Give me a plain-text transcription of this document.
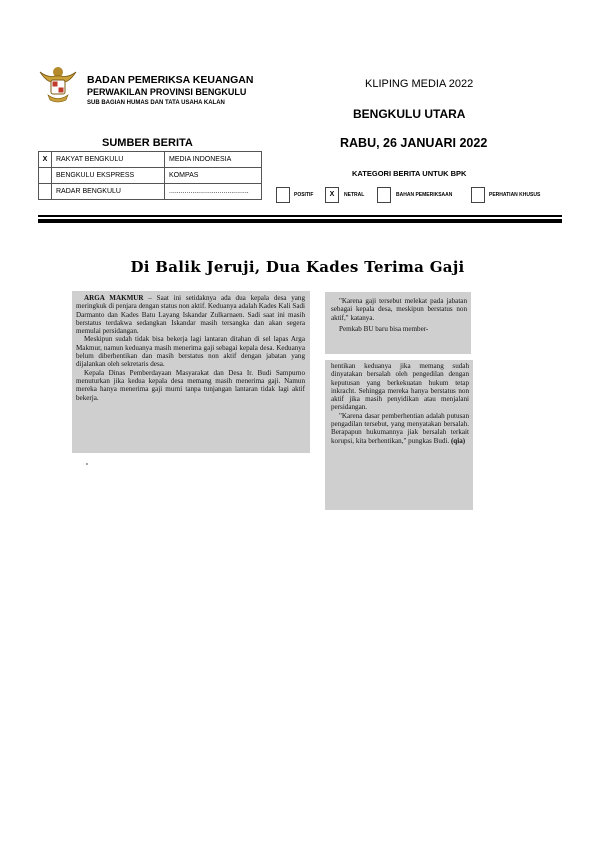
BADAN PEMERIKSA KEUANGAN
PERWAKILAN PROVINSI BENGKULU
SUB BAGIAN HUMAS DAN TATA USAHA KALAN
KLIPING MEDIA 2022
BENGKULU UTARA
RABU, 26 JANUARI 2022
SUMBER BERITA
X	RAKYAT BENGKULU	MEDIA INDONESIA
	BENGKULU EKSPRESS	KOMPAS
	RADAR BENGKULU	.........................................
KATEGORI BERITA UNTUK BPK
POSITIF	X	NETRAL	BAHAN PEMERIKSAAN	PERHATIAN KHUSUS
Di Balik Jeruji, Dua Kades Terima Gaji

ARGA MAKMUR – Saat ini setidaknya ada dua kepala desa yang meringkuk di penjara dengan status non aktif. Keduanya adalah Kades Kali Sadi Darmanto dan Kades Batu Layang Iskandar Zulkarnaen. Sadi saat ini masih berstatus terdakwa sedangkan Iskandar masih tersangka dan akan segera memulai persidangan.

Meskipun sudah tidak bisa bekerja lagi lantaran ditahan di sel lapas Arga Makmur, namun keduanya masih menerima gaji sebagai kepala desa. Keduanya belum diberhentikan dan masih berstatus non aktif dengan jabatan yang dijalankan oleh sekretaris desa.

Kepala Dinas Pemberdayaan Masyarakat dan Desa Ir. Budi Sampurno menuturkan jika kedua kepala desa memang masih menerima gaji. Namun mereka hanya menerima gaji murni tanpa tunjangan lantaran tidak lagi aktif bekerja.

"Karena gaji tersebut melekat pada jabatan sebagai kepala desa, meskipun berstatus non aktif," katanya.

Pemkab BU baru bisa member-

hentikan keduanya jika memang sudah dinyatakan bersalah oleh pengedilan dengan keputusan yang berkekuatan hukum tetap inkracht. Sehingga mereka hanya berstatus non aktif jika masih penyidikan atau menjalani persidangan.

"Karena dasar pemberhentian adalah putusan pengadilan tersebut, yang menyatakan bersalah. Berapapun hukumannya jiak bersalah terkait korupsi, kita berhentikan," pungkas Budi. (qia)
